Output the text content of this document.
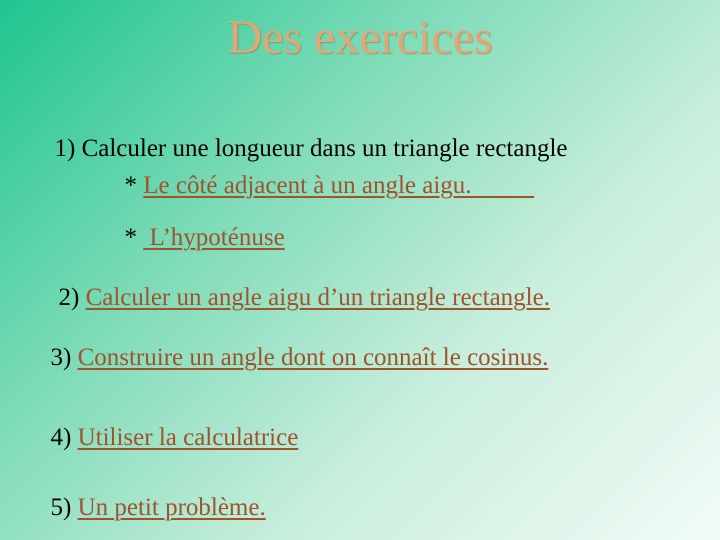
Des exercices

1) Calculer une longueur dans un triangle rectangle

* Le côté adjacent à un angle aigu.

*  L’hypoténuse

2) Calculer un angle aigu d’un triangle rectangle.

3) Construire un angle dont on connaît le cosinus.

4) Utiliser la calculatrice

5) Un petit problème.
